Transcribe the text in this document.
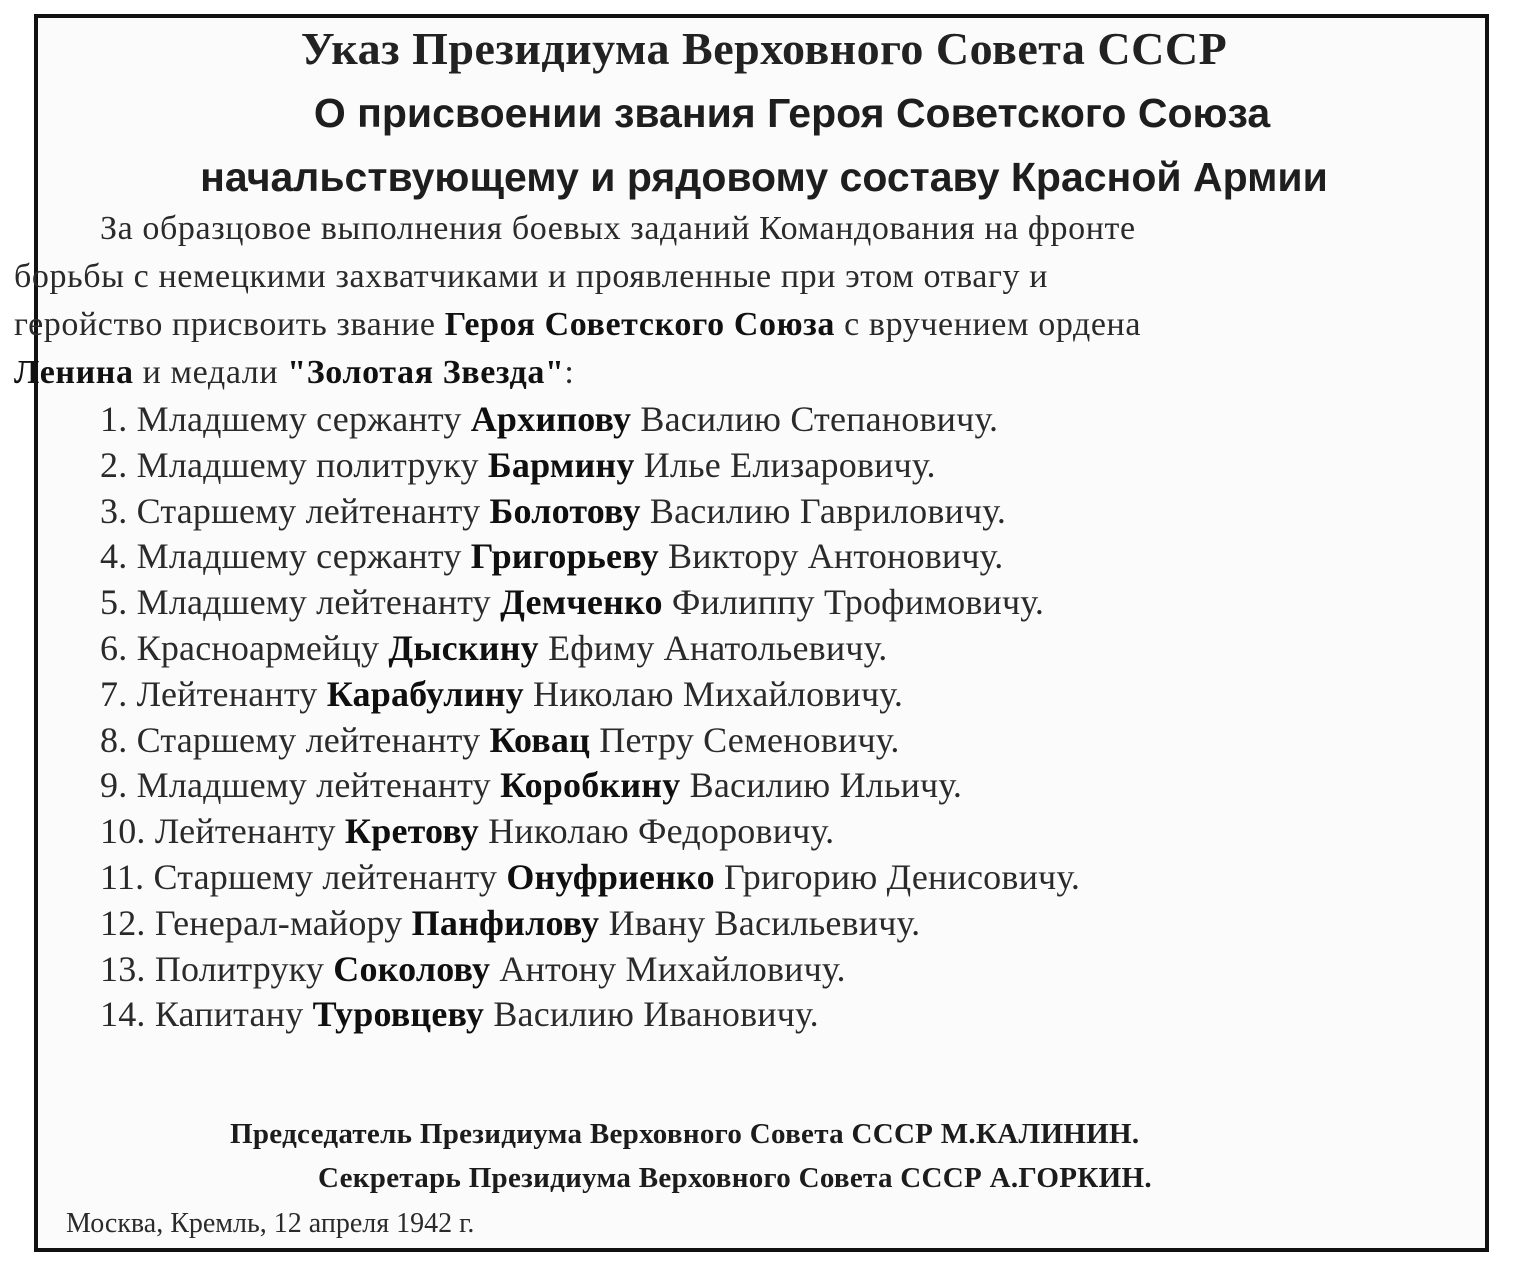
Указ Президиума Верховного Совета СССР
О присвоении звания Героя Советского Союза
начальствующему и рядовому составу Красной Армии
За образцовое выполнения боевых заданий Командования на фронте
борьбы с немецкими захватчиками и проявленные при этом отвагу и
геройство присвоить звание Героя Советского Союза с вручением ордена
Ленина и медали "Золотая Звезда":
1. Младшему сержанту Архипову Василию Степановичу.
2. Младшему политруку Бармину Илье Елизаровичу.
3. Старшему лейтенанту Болотову Василию Гавриловичу.
4. Младшему сержанту Григорьеву Виктору Антоновичу.
5. Младшему лейтенанту Демченко Филиппу Трофимовичу.
6. Красноармейцу Дыскину Ефиму Анатольевичу.
7. Лейтенанту Карабулину Николаю Михайловичу.
8. Старшему лейтенанту Ковац Петру Семеновичу.
9. Младшему лейтенанту Коробкину Василию Ильичу.
10. Лейтенанту Кретову Николаю Федоровичу.
11. Старшему лейтенанту Онуфриенко Григорию Денисовичу.
12. Генерал-майору Панфилову Ивану Васильевичу.
13. Политруку Соколову Антону Михайловичу.
14. Капитану Туровцеву Василию Ивановичу.
Председатель Президиума Верховного Совета СССР М.КАЛИНИН.
Секретарь Президиума Верховного Совета СССР А.ГОРКИН.
Москва, Кремль, 12 апреля 1942 г.
